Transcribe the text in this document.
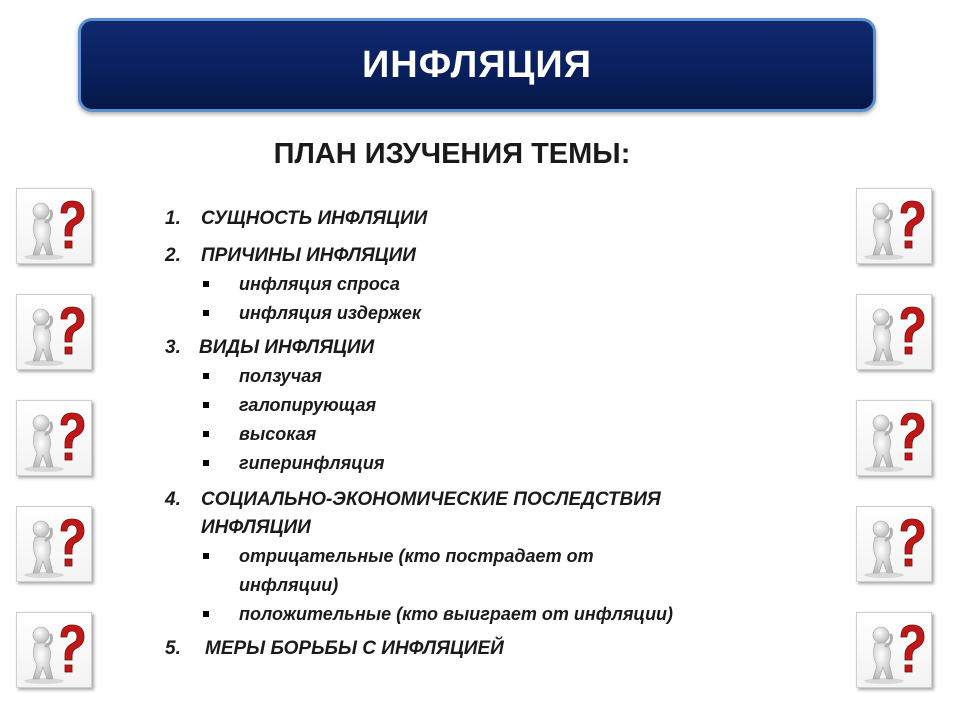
ИНФЛЯЦИЯ
ПЛАН ИЗУЧЕНИЯ ТЕМЫ:
1. СУЩНОСТЬ ИНФЛЯЦИИ
2. ПРИЧИНЫ ИНФЛЯЦИИ
инфляция спроса
инфляция издержек
3. ВИДЫ ИНФЛЯЦИИ
ползучая
галопирующая
высокая
гиперинфляция
4. СОЦИАЛЬНО-ЭКОНОМИЧЕСКИЕ ПОСЛЕДСТВИЯ
ИНФЛЯЦИИ
отрицательные (кто пострадает от
инфляции)
положительные (кто выиграет от инфляции)
5. МЕРЫ БОРЬБЫ С ИНФЛЯЦИЕЙ
